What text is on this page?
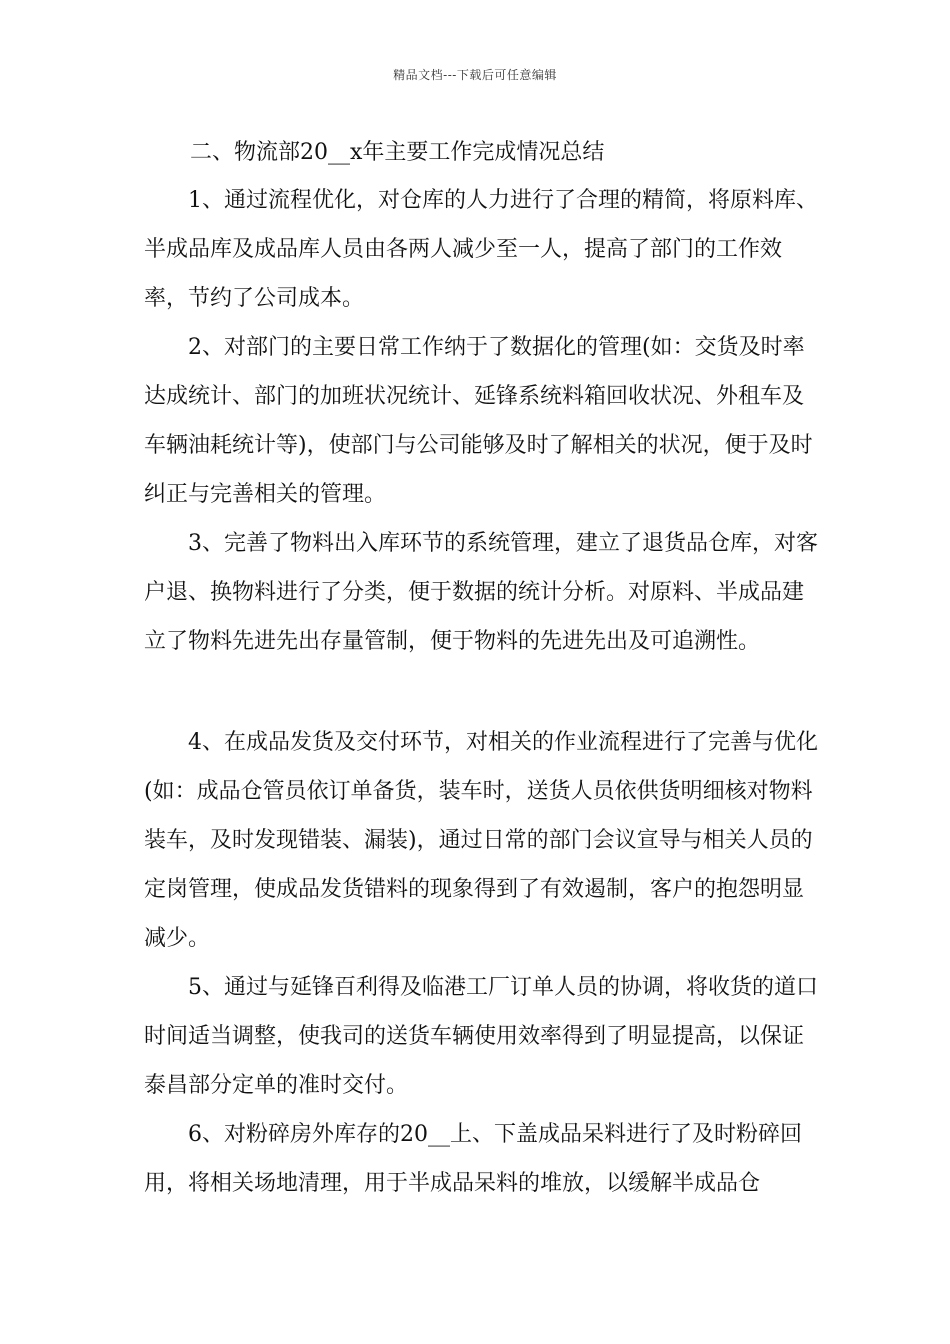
精品文档---下载后可任意编辑

二、物流部20__x年主要工作完成情况总结

1、通过流程优化，对仓库的人力进行了合理的精简，将原料库、半成品库及成品库人员由各两人减少至一人，提高了部门的工作效率，节约了公司成本。

2、对部门的主要日常工作纳于了数据化的管理(如：交货及时率达成统计、部门的加班状况统计、延锋系统料箱回收状况、外租车及车辆油耗统计等)，使部门与公司能够及时了解相关的状况，便于及时纠正与完善相关的管理。

3、完善了物料出入库环节的系统管理，建立了退货品仓库，对客户退、换物料进行了分类，便于数据的统计分析。对原料、半成品建立了物料先进先出存量管制，便于物料的先进先出及可追溯性。

4、在成品发货及交付环节，对相关的作业流程进行了完善与优化(如：成品仓管员依订单备货，装车时，送货人员依供货明细核对物料装车，及时发现错装、漏装)，通过日常的部门会议宣导与相关人员的定岗管理，使成品发货错料的现象得到了有效遏制，客户的抱怨明显减少。

5、通过与延锋百利得及临港工厂订单人员的协调，将收货的道口时间适当调整，使我司的送货车辆使用效率得到了明显提高，以保证泰昌部分定单的准时交付。

6、对粉碎房外库存的20__上、下盖成品呆料进行了及时粉碎回用，将相关场地清理，用于半成品呆料的堆放，以缓解半成品仓
